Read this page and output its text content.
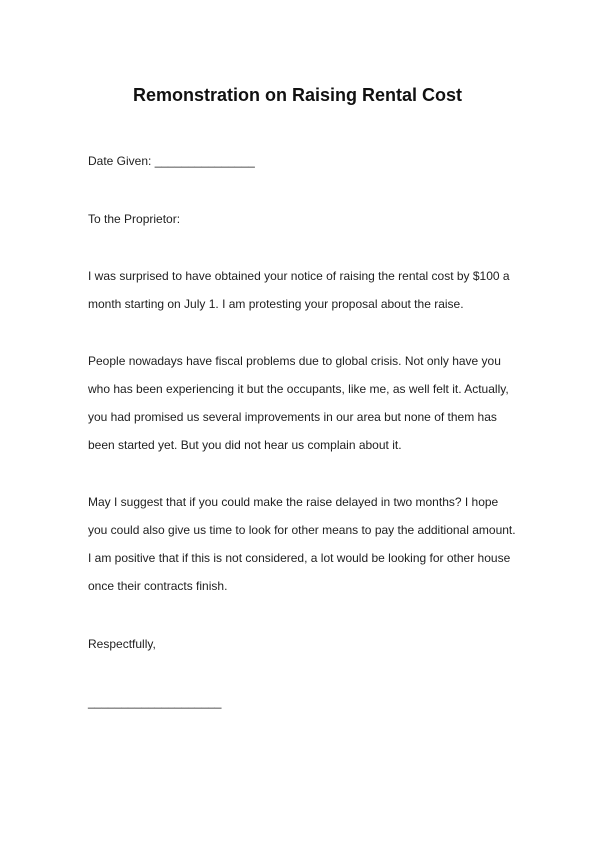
Remonstration on Raising Rental Cost
Date Given: _______________
To the Proprietor:
I was surprised to have obtained your notice of raising the rental cost by $100 a
month starting on July 1. I am protesting your proposal about the raise.
People nowadays have fiscal problems due to global crisis. Not only have you
who has been experiencing it but the occupants, like me, as well felt it. Actually,
you had promised us several improvements in our area but none of them has
been started yet. But you did not hear us complain about it.
May I suggest that if you could make the raise delayed in two months? I hope
you could also give us time to look for other means to pay the additional amount.
I am positive that if this is not considered, a lot would be looking for other house
once their contracts finish.
Respectfully,
____________________
